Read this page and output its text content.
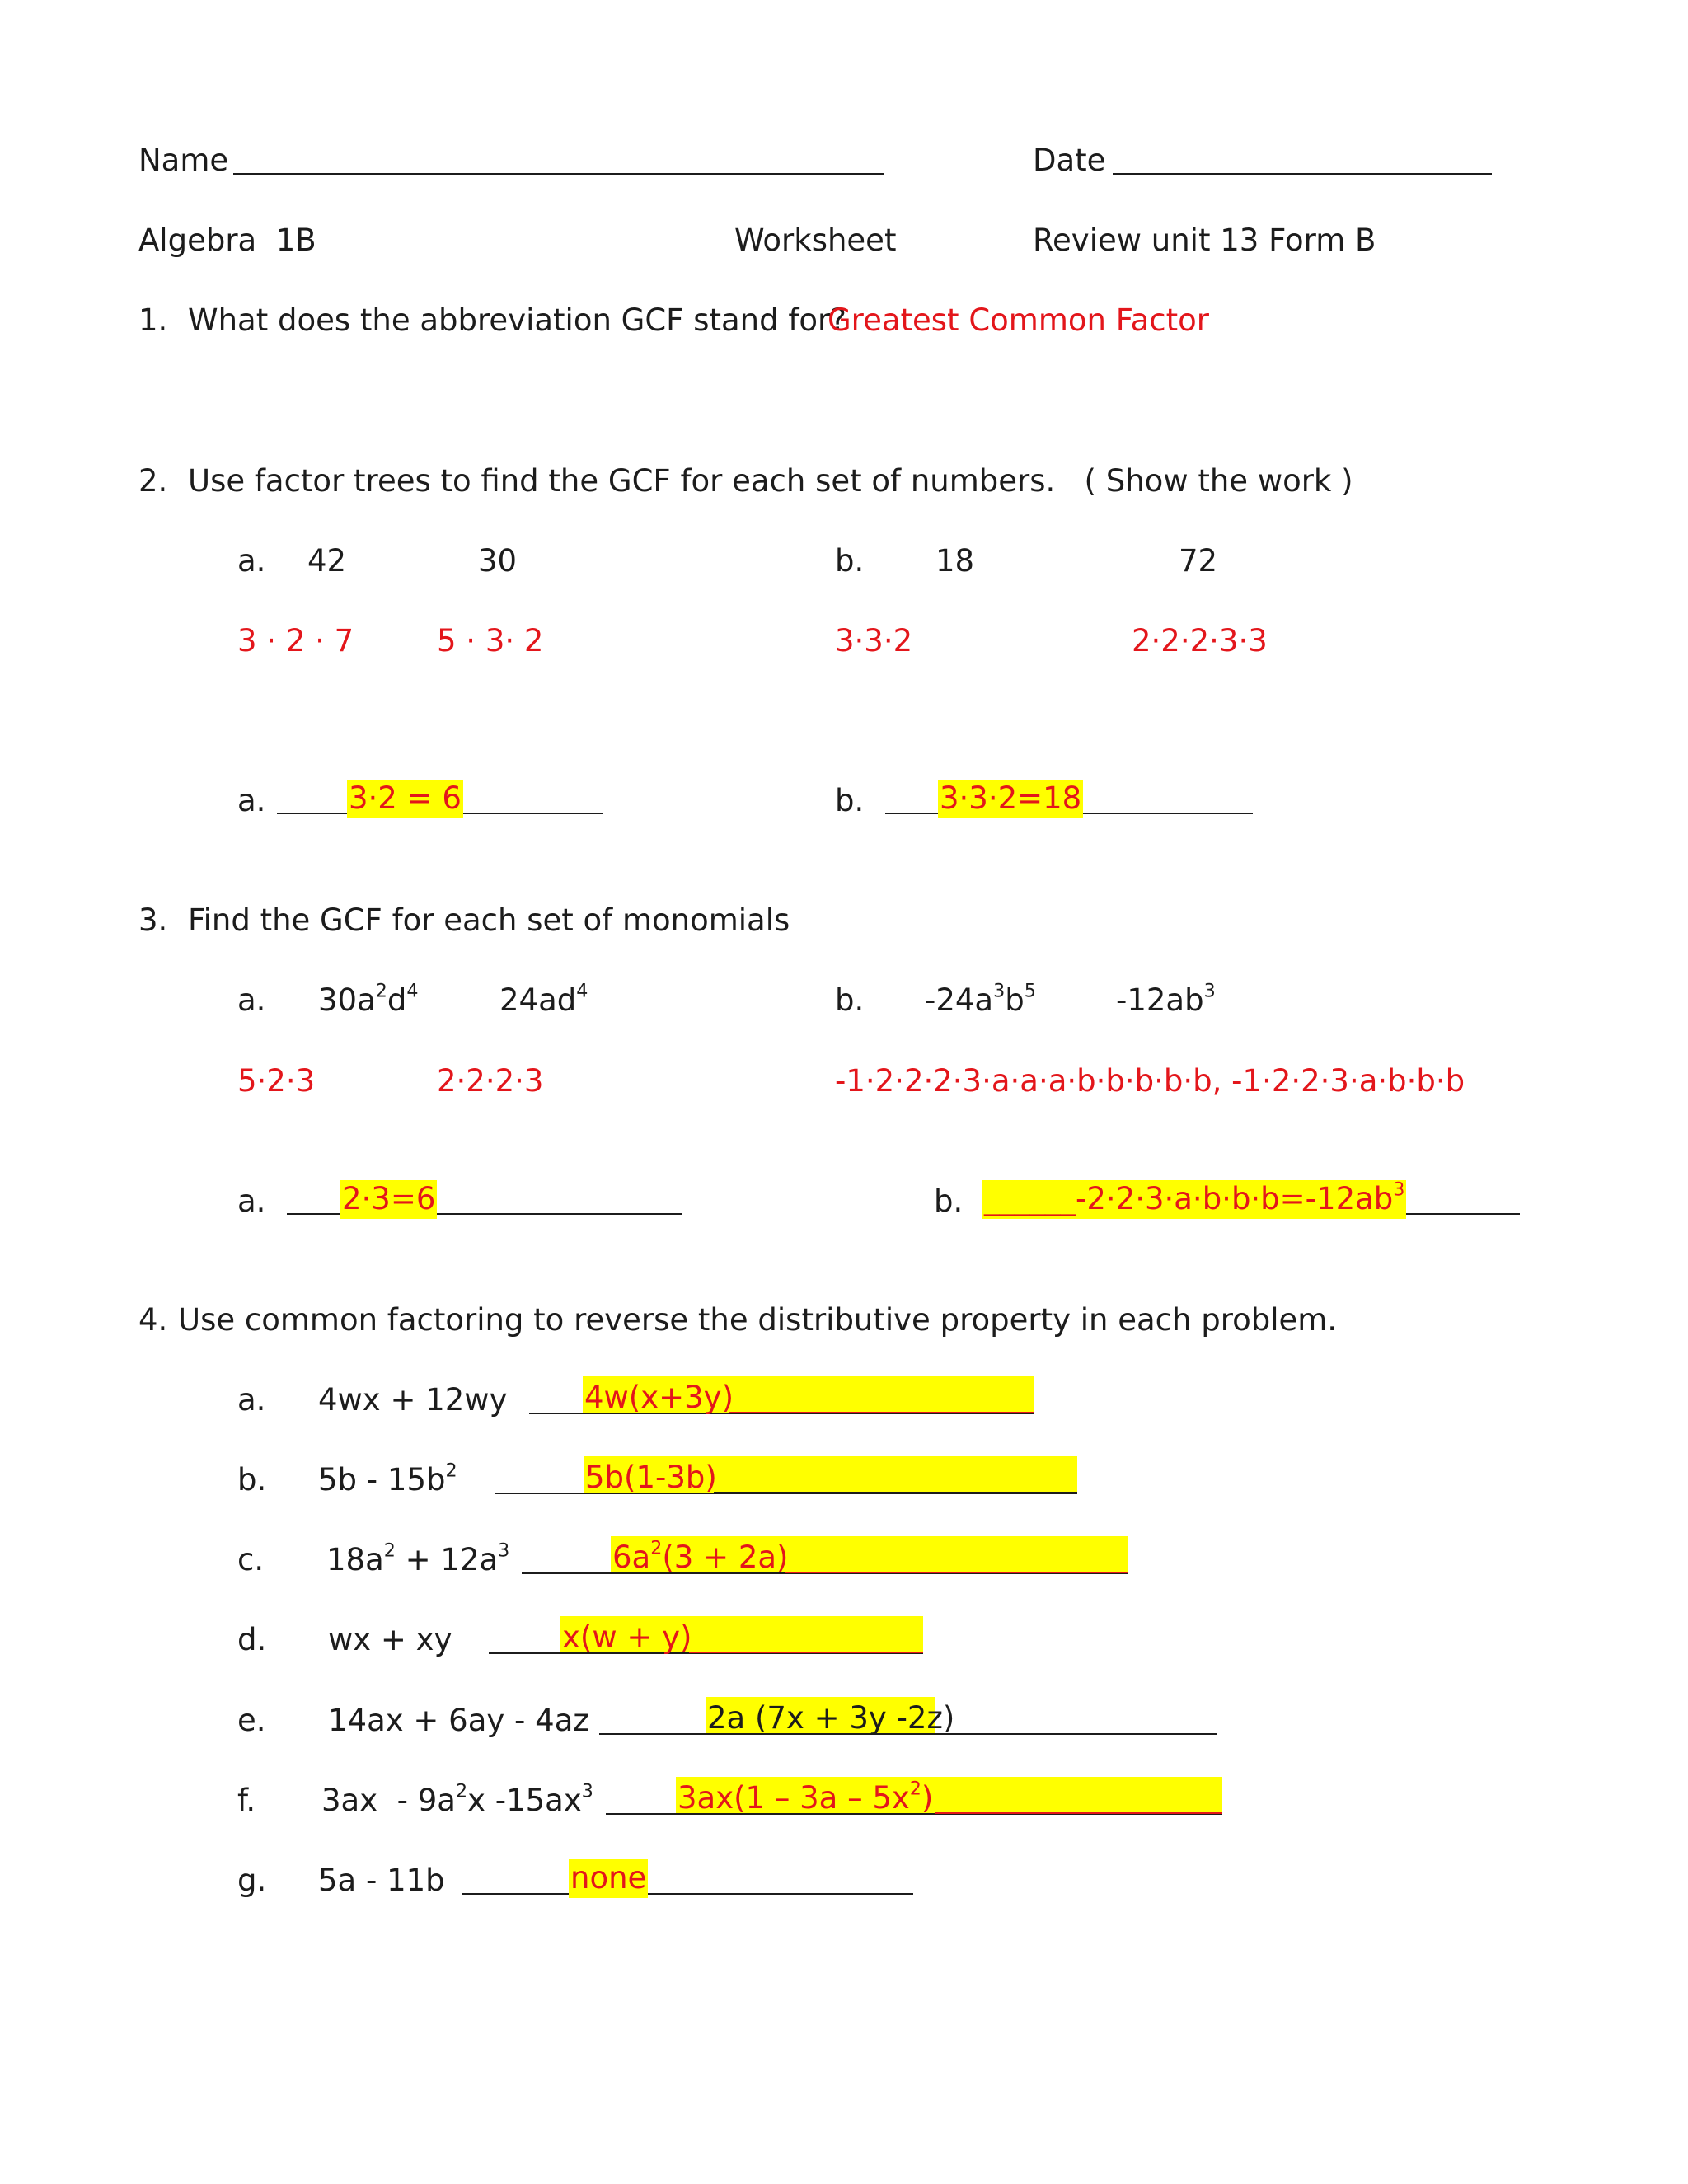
Name	Date
Algebra  1B	Worksheet	Review unit 13 Form B
1. What does the abbreviation GCF stand for?
Greatest Common Factor
2. Use factor trees to find the GCF for each set of numbers.   ( Show the work )
a. 42	30	b. 18	72
3 · 2 · 7	5 · 3· 2	3·3·2	2·2·2·3·3
a.	3·2 = 6	b. 3·3·2=18
3. Find the GCF for each set of monomials
a. $30a^2d^4$	$24ad^4$	b. $-24a^3b^5$	$-12ab^3$
5·2·3	2·2·2·3	-1·2·2·2·3·a·a·a·b·b·b·b·b, -1·2·2·3·a·b·b·b
a.	2·3=6	b. $\_\_\_\_\_\_-2\cdot 2\cdot 3\cdot a\cdot b\cdot b\cdot b=-12ab^3$
4. Use common factoring to reverse the distributive property in each problem.
a. 4wx + 12wy	4w(x+3y)
b. $5b - 15b^2$	5b(1-3b)
c. $18a^2 + 12a^3$	$6a^2(3 + 2a)$
d. wx + xy	x(w + y)
e. 14ax + 6ay - 4az	2a (7x + 3y -2z)
f. $3ax - 9a^2x$ $-15ax^3$	$3ax(1 - 3a - 5x^2)$
g. 5a - 11b	none
